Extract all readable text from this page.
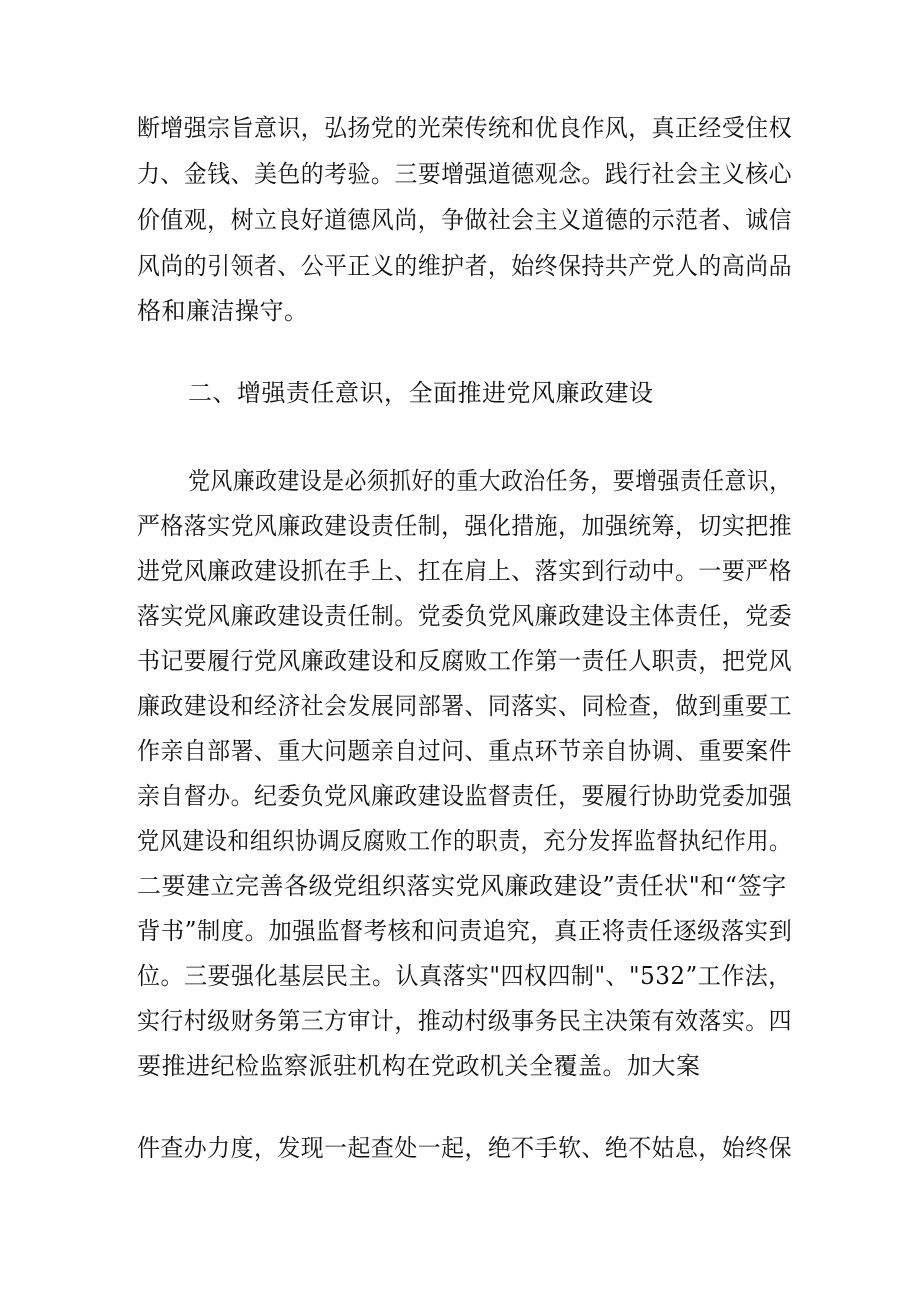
断增强宗旨意识，弘扬党的光荣传统和优良作风，真正经受住权
力、金钱、美色的考验。三要增强道德观念。践行社会主义核心
价值观，树立良好道德风尚，争做社会主义道德的示范者、诚信
风尚的引领者、公平正义的维护者，始终保持共产党人的高尚品
格和廉洁操守。
二、增强责任意识，全面推进党风廉政建设
党风廉政建设是必须抓好的重大政治任务，要增强责任意识，
严格落实党风廉政建设责任制，强化措施，加强统筹，切实把推
进党风廉政建设抓在手上、扛在肩上、落实到行动中。一要严格
落实党风廉政建设责任制。党委负党风廉政建设主体责任，党委
书记要履行党风廉政建设和反腐败工作第一责任人职责，把党风
廉政建设和经济社会发展同部署、同落实、同检查，做到重要工
作亲自部署、重大问题亲自过问、重点环节亲自协调、重要案件
亲自督办。纪委负党风廉政建设监督责任，要履行协助党委加强
党风建设和组织协调反腐败工作的职责，充分发挥监督执纪作用。
二要建立完善各级党组织落实党风廉政建设”责任状"和“签字
背书”制度。加强监督考核和问责追究，真正将责任逐级落实到
位。三要强化基层民主。认真落实"四权四制"、"532”工作法，
实行村级财务第三方审计，推动村级事务民主决策有效落实。四
要推进纪检监察派驻机构在党政机关全覆盖。加大案
件查办力度，发现一起查处一起，绝不手软、绝不姑息，始终保
